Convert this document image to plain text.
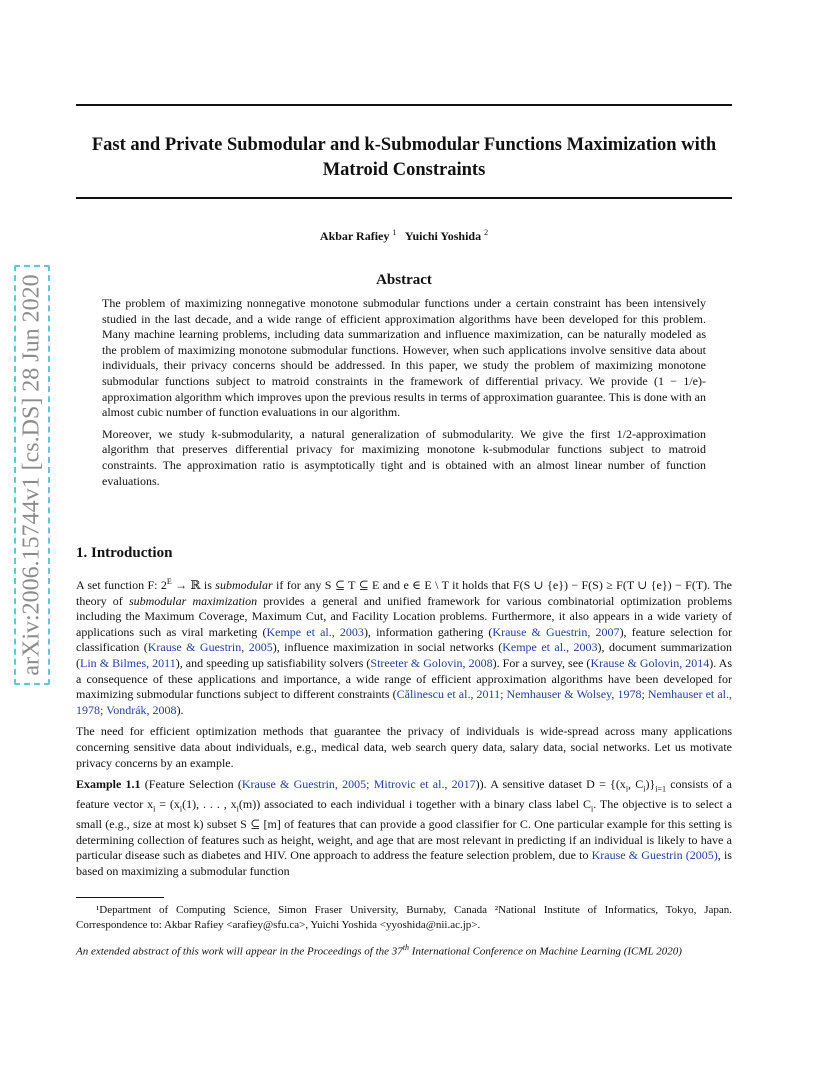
Fast and Private Submodular and k-Submodular Functions Maximization with
Matroid Constraints
Akbar Rafiey $^1$ Yuichi Yoshida $^2$
arXiv:2006.15744v1 [cs.DS] 28 Jun 2020	Abstract

The problem of maximizing nonnegative monotone submodular functions under a certain constraint has been intensively studied in the last decade, and a wide range of efficient approximation algorithms have been developed for this problem. Many machine learning problems, including data summarization and influence maximization, can be naturally modeled as the problem of maximizing monotone submodular functions. However, when such applications involve sensitive data about individuals, their privacy concerns should be addressed. In this paper, we study the problem of maximizing monotone submodular functions subject to matroid constraints in the framework of differential privacy. We provide (1 − 1/e)-approximation algorithm which improves upon the previous results in terms of approximation guarantee. This is done with an almost cubic number of function evaluations in our algorithm.

Moreover, we study k-submodularity, a natural generalization of submodularity. We give the first 1/2-approximation algorithm that preserves differential privacy for maximizing monotone k-submodular functions subject to matroid constraints. The approximation ratio is asymptotically tight and is obtained with an almost linear number of function evaluations.

1. Introduction

A set function F: $2^E$ → ℝ is submodular if for any S ⊆ T ⊆ E and e ∈ E \ T it holds that F(S ∪ {e}) − F(S) ≥ F(T ∪ {e}) − F(T). The theory of submodular maximization provides a general and unified framework for various combinatorial optimization problems including the Maximum Coverage, Maximum Cut, and Facility Location problems. Furthermore, it also appears in a wide variety of applications such as viral marketing (Kempe et al., 2003), information gathering (Krause & Guestrin, 2007), feature selection for classification (Krause & Guestrin, 2005), influence maximization in social networks (Kempe et al., 2003), document summarization (Lin & Bilmes, 2011), and speeding up satisfiability solvers (Streeter & Golovin, 2008). For a survey, see (Krause & Golovin, 2014). As a consequence of these applications and importance, a wide range of efficient approximation algorithms have been developed for maximizing submodular functions subject to different constraints (Călinescu et al., 2011; Nemhauser & Wolsey, 1978; Nemhauser et al., 1978; Vondrák, 2008).

The need for efficient optimization methods that guarantee the privacy of individuals is wide-spread across many applications concerning sensitive data about individuals, e.g., medical data, web search query data, salary data, social networks. Let us motivate privacy concerns by an example.

Example 1.1 (Feature Selection (Krause & Guestrin, 2005; Mitrovic et al., 2017)). A sensitive dataset $D = \{(x_i$, $C_i)\}_{i=1}$ consists of a feature vector $x_i = (x_i(1)$, . . . , $x_i(m)$) associated to each individual i together with a binary class label $C_i$. The objective is to select a small (e.g., size at most k) subset S ⊆ [m] of features that can provide a good classifier for C. One particular example for this setting is determining collection of features such as height, weight, and age that are most relevant in predicting if an individual is likely to have a particular disease such as diabetes and HIV. One approach to address the feature selection problem, due to Krause & Guestrin (2005), is based on maximizing a submodular function

¹Department of Computing Science, Simon Fraser University, Burnaby, Canada ²National Institute of Informatics, Tokyo, Japan. Correspondence to: Akbar Rafiey <arafiey@sfu.ca>, Yuichi Yoshida <yyoshida@nii.ac.jp>.

An extended abstract of this work will appear in the Proceedings of the 37th International Conference on Machine Learning (ICML 2020)
